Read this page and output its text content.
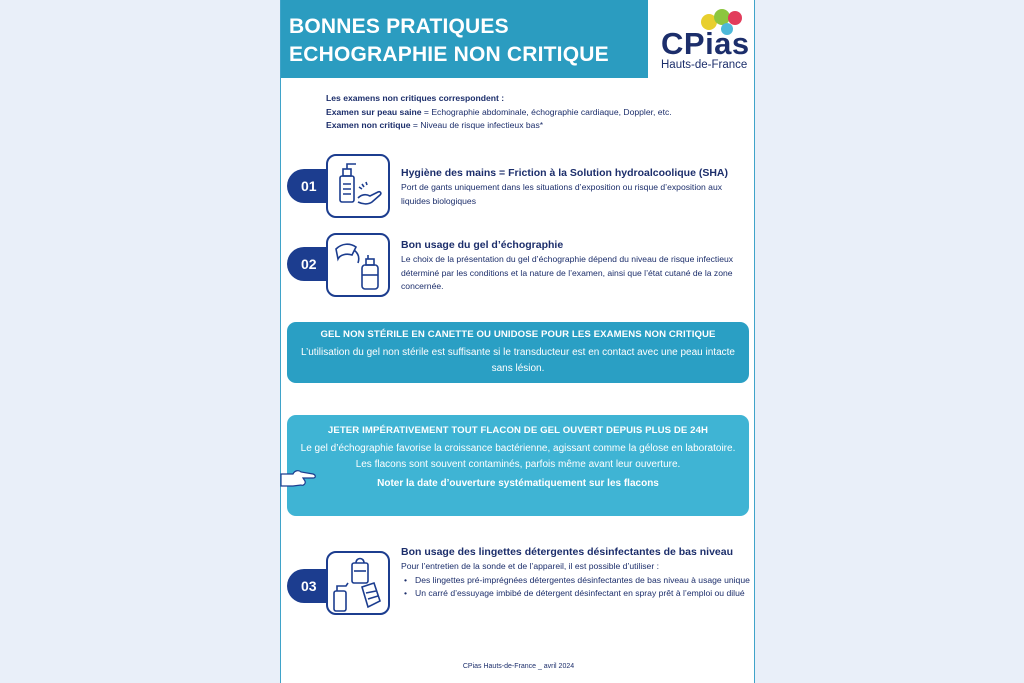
BONNES PRATIQUES ECHOGRAPHIE NON CRITIQUE	CPias
Hauts-de-France
Les examens non critiques correspondent :
Examen sur peau saine = Echographie abdominale, échographie cardiaque, Doppler, etc.
Examen non critique = Niveau de risque infectieux bas*
01
Hygiène des mains = Friction à la Solution hydroalcoolique (SHA)
Port de gants uniquement dans les situations d’exposition ou risque d’exposition aux liquides biologiques
02
Bon usage du gel d’échographie
Le choix de la présentation du gel d’échographie dépend du niveau de risque infectieux déterminé par les conditions et la nature de l’examen, ainsi que l’état cutané de la zone concernée.
GEL NON STÉRILE EN CANETTE OU UNIDOSE POUR LES EXAMENS NON CRITIQUE
L’utilisation du gel non stérile est suffisante si le transducteur est en contact avec une peau intacte sans lésion.
JETER IMPÉRATIVEMENT TOUT FLACON DE GEL OUVERT DEPUIS PLUS DE 24H
Le gel d’échographie favorise la croissance bactérienne, agissant comme la gélose en laboratoire.
Les flacons sont souvent contaminés, parfois même avant leur ouverture.
Noter la date d’ouverture systématiquement sur les flacons
03
Bon usage des lingettes détergentes désinfectantes de bas niveau
Pour l’entretien de la sonde et de l’appareil, il est possible d’utiliser :
• Des lingettes pré-imprégnées détergentes désinfectantes de bas niveau à usage unique
• Un carré d’essuyage imbibé de détergent désinfectant en spray prêt à l’emploi ou dilué
CPias Hauts-de-France _ avril 2024
